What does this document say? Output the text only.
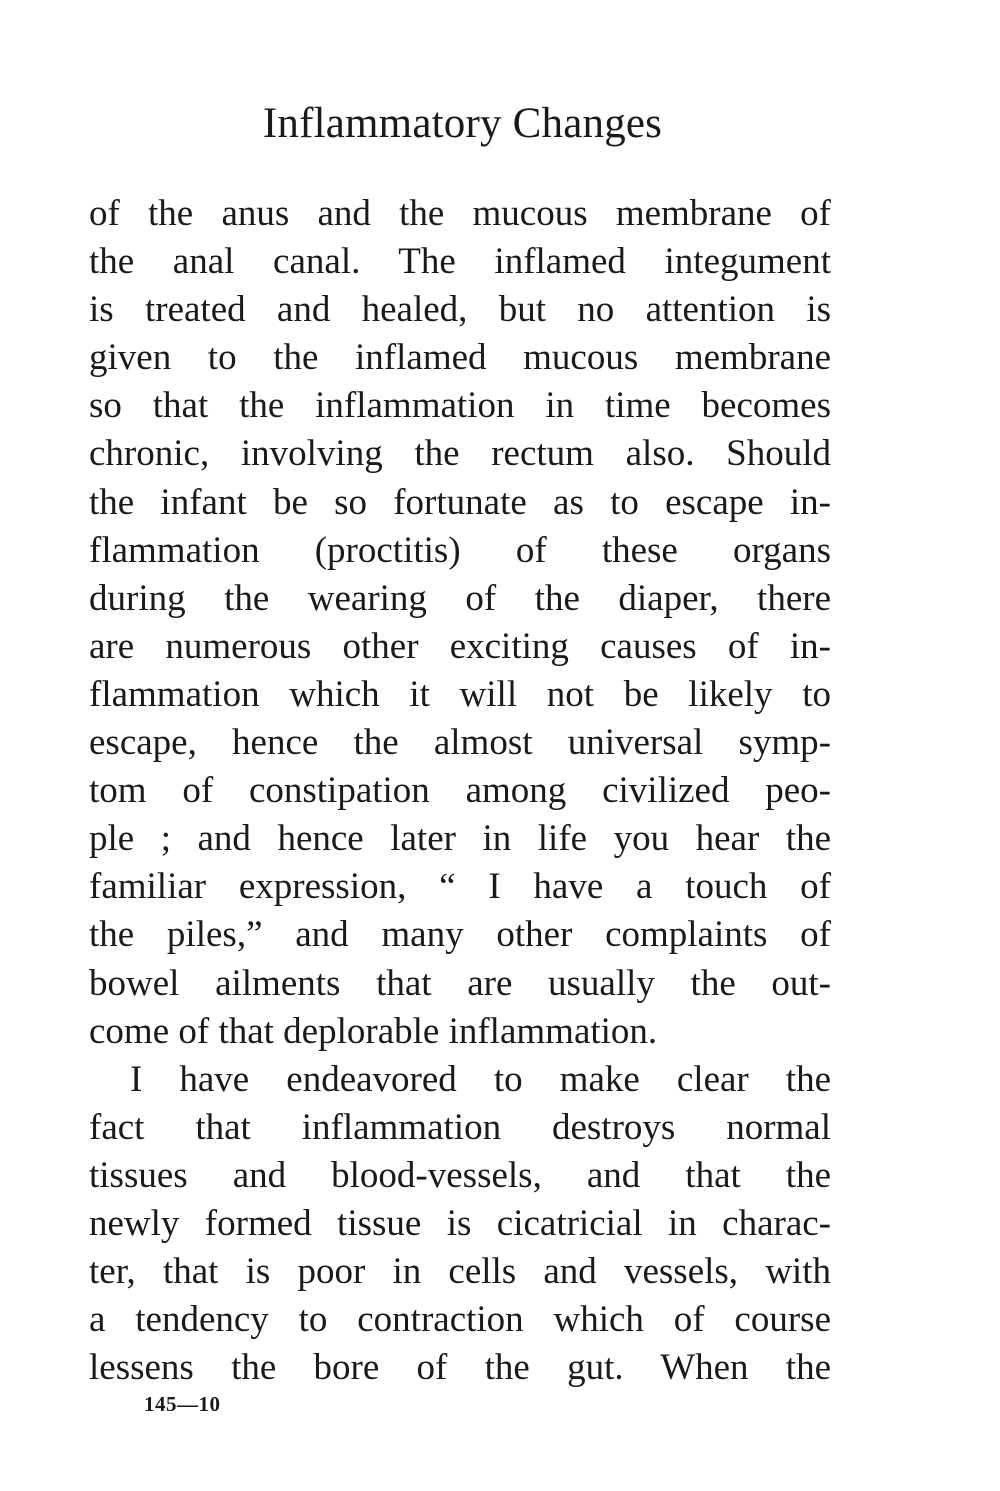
Inflammatory Changes
of the anus and the mucous membrane of
the anal canal. The inflamed integument
is treated and healed, but no attention is
given to the inflamed mucous membrane
so that the inflammation in time becomes
chronic, involving the rectum also. Should
the infant be so fortunate as to escape in-
flammation (proctitis) of these organs
during the wearing of the diaper, there
are numerous other exciting causes of in-
flammation which it will not be likely to
escape, hence the almost universal symp-
tom of constipation among civilized peo-
ple ; and hence later in life you hear the
familiar expression, “ I have a touch of
the piles,” and many other complaints of
bowel ailments that are usually the out-
come of that deplorable inflammation.
I have endeavored to make clear the
fact that inflammation destroys normal
tissues and blood-vessels, and that the
newly formed tissue is cicatricial in charac-
ter, that is poor in cells and vessels, with
a tendency to contraction which of course
lessens the bore of the gut. When the
145—10
